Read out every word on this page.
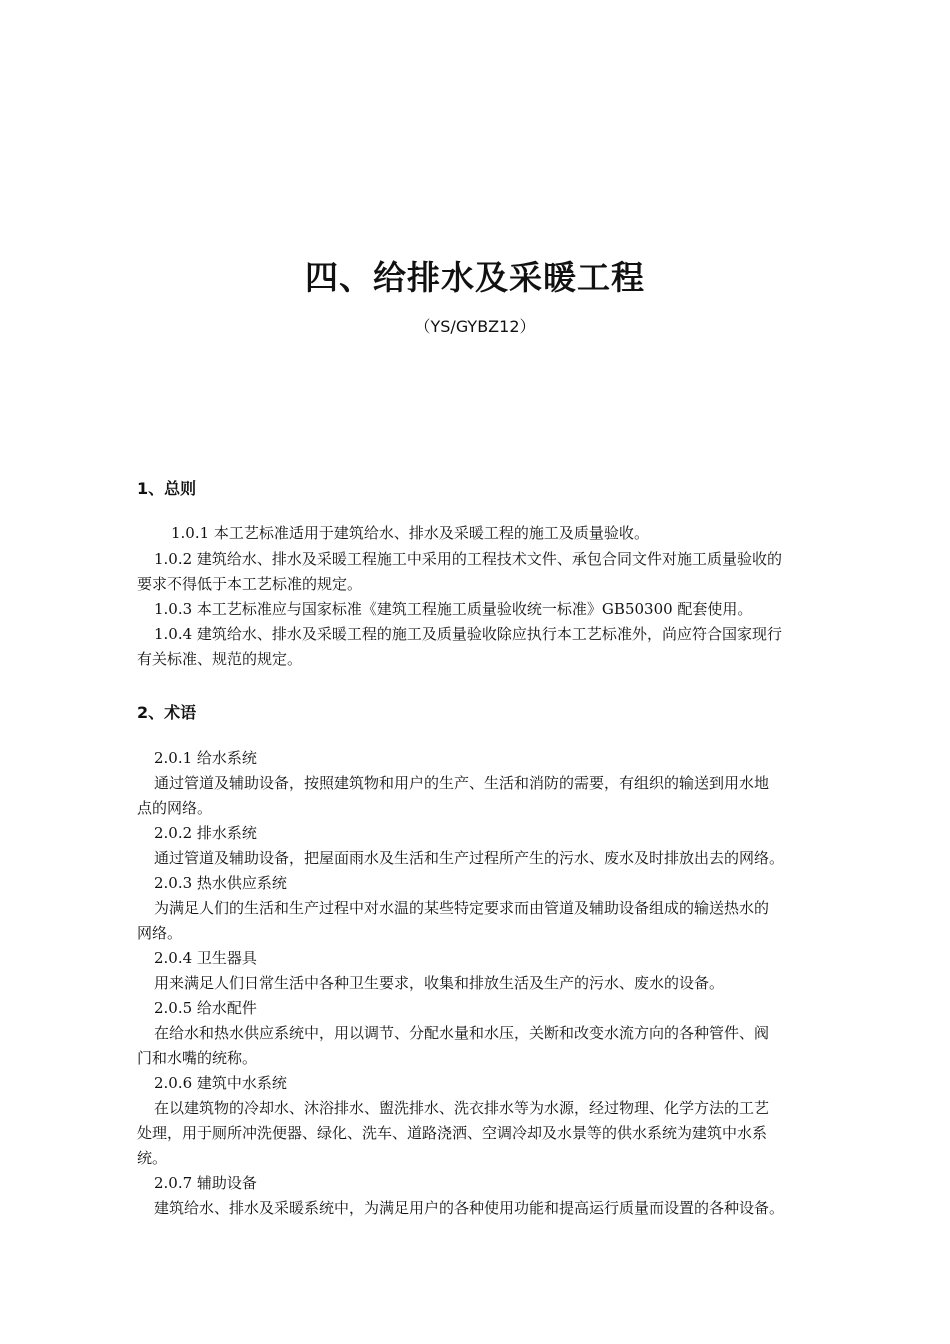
四、给排水及采暖工程

（YS/GYBZ12）

1、总则

1.0.1 本工艺标准适用于建筑给水、排水及采暖工程的施工及质量验收。

1.0.2 建筑给水、排水及采暖工程施工中采用的工程技术文件、承包合同文件对施工质量验收的

要求不得低于本工艺标准的规定。

1.0.3 本工艺标准应与国家标准《建筑工程施工质量验收统一标准》GB50300 配套使用。

1.0.4 建筑给水、排水及采暖工程的施工及质量验收除应执行本工艺标准外，尚应符合国家现行

有关标准、规范的规定。

2、术语

2.0.1 给水系统

通过管道及辅助设备，按照建筑物和用户的生产、生活和消防的需要，有组织的输送到用水地

点的网络。

2.0.2 排水系统

通过管道及辅助设备，把屋面雨水及生活和生产过程所产生的污水、废水及时排放出去的网络。

2.0.3 热水供应系统

为满足人们的生活和生产过程中对水温的某些特定要求而由管道及辅助设备组成的输送热水的

网络。

2.0.4 卫生器具

用来满足人们日常生活中各种卫生要求，收集和排放生活及生产的污水、废水的设备。

2.0.5 给水配件

在给水和热水供应系统中，用以调节、分配水量和水压，关断和改变水流方向的各种管件、阀

门和水嘴的统称。

2.0.6 建筑中水系统

在以建筑物的冷却水、沐浴排水、盥洗排水、洗衣排水等为水源，经过物理、化学方法的工艺

处理，用于厕所冲洗便器、绿化、洗车、道路浇洒、空调冷却及水景等的供水系统为建筑中水系

统。

2.0.7 辅助设备

建筑给水、排水及采暖系统中，为满足用户的各种使用功能和提高运行质量而设置的各种设备。
